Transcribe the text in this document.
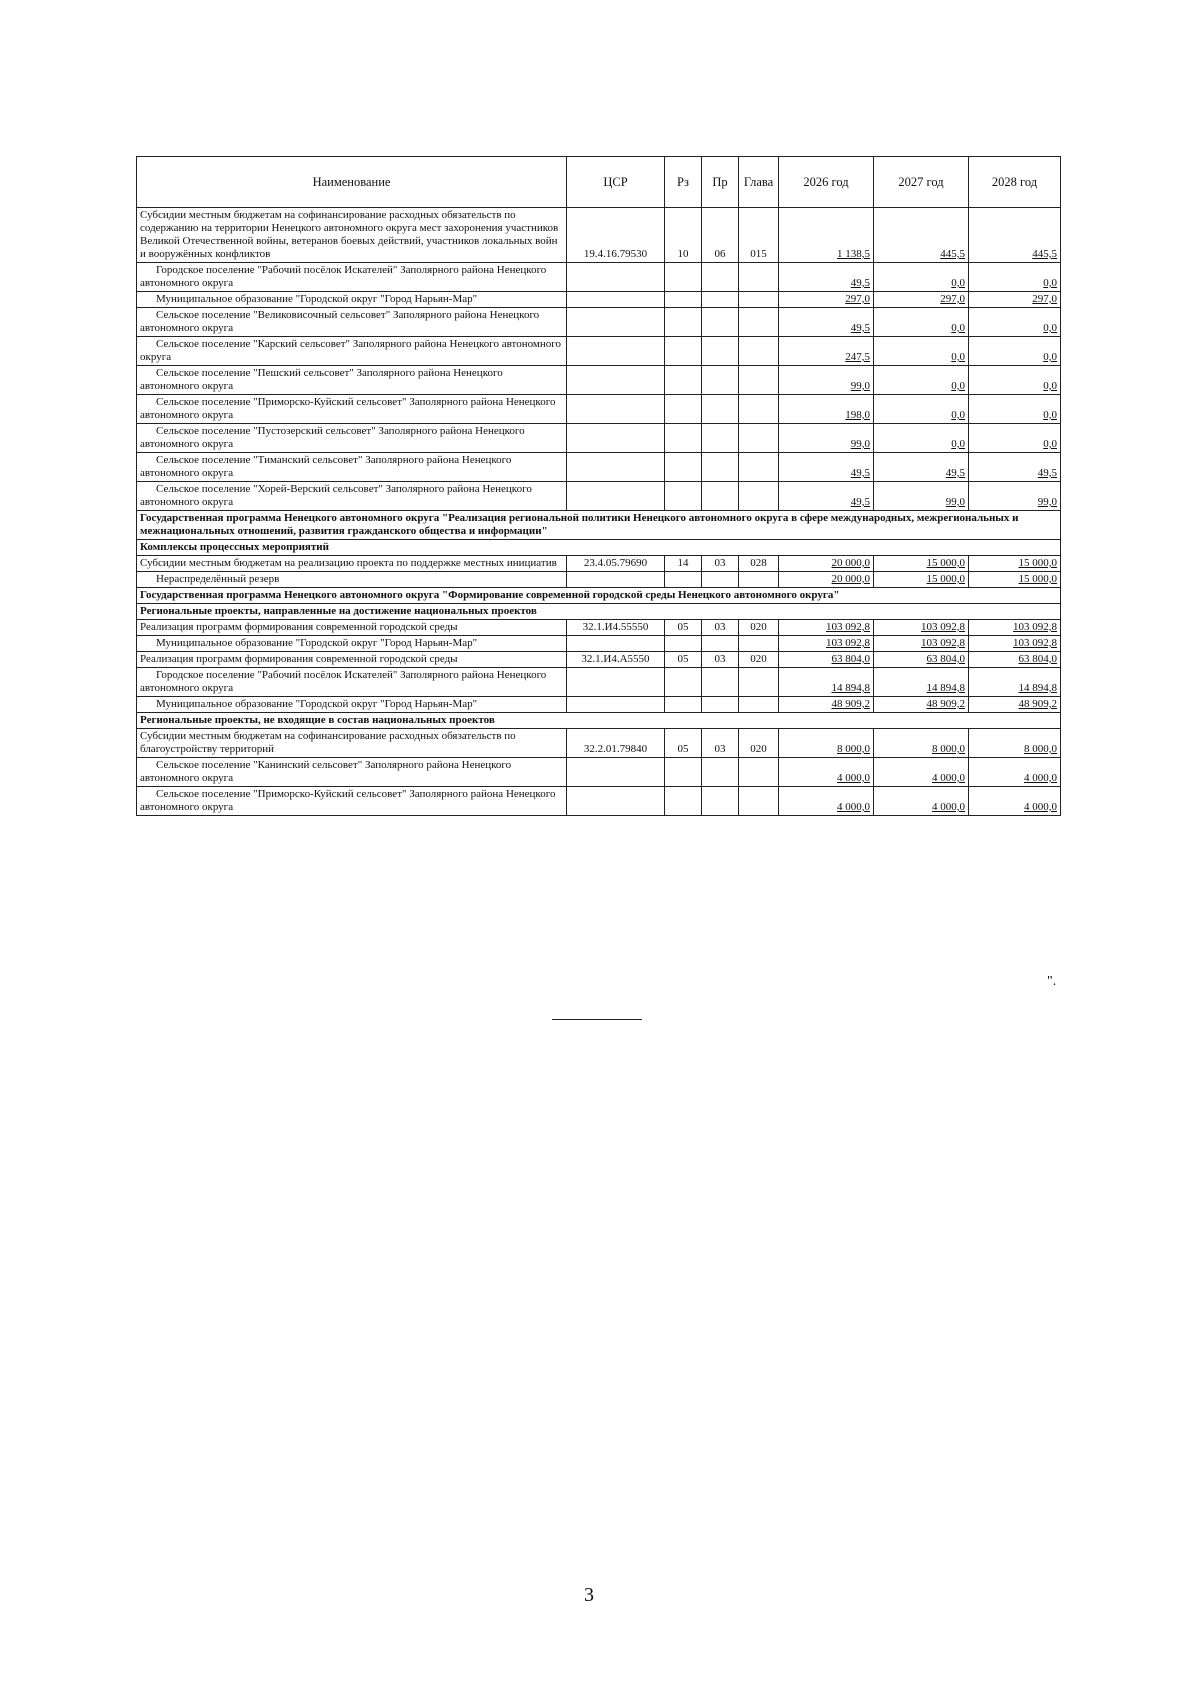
Наименование	ЦСР	Рз	Пр	Глава	2026 год	2027 год	2028 год
Субсидии местным бюджетам на софинансирование расходных обязательств по содержанию на территории Ненецкого автономного округа мест захоронения участников Великой Отечественной войны, ветеранов боевых действий, участников локальных войн и вооружённых конфликтов	19.4.16.79530	10	06	015	1 138,5	445,5	445,5
Городское поселение "Рабочий посёлок Искателей" Заполярного района Ненецкого автономного округа					49,5	0,0	0,0
Муниципальное образование "Городской округ "Город Нарьян-Мар"					297,0	297,0	297,0
Сельское поселение "Великовисочный сельсовет" Заполярного района Ненецкого автономного округа					49,5	0,0	0,0
Сельское поселение "Карский сельсовет" Заполярного района Ненецкого автономного округа					247,5	0,0	0,0
Сельское поселение "Пешский сельсовет" Заполярного района Ненецкого автономного округа					99,0	0,0	0,0
Сельское поселение "Приморско-Куйский сельсовет" Заполярного района Ненецкого автономного округа					198,0	0,0	0,0
Сельское поселение "Пустозерский сельсовет" Заполярного района Ненецкого автономного округа					99,0	0,0	0,0
Сельское поселение "Тиманский сельсовет" Заполярного района Ненецкого автономного округа					49,5	49,5	49,5
Сельское поселение "Хорей-Верский сельсовет" Заполярного района Ненецкого автономного округа					49,5	99,0	99,0
Государственная программа Ненецкого автономного округа "Реализация региональной политики Ненецкого автономного округа в сфере международных, межрегиональных и межнациональных отношений, развития гражданского общества и информации"							
Комплексы процессных мероприятий							
Субсидии местным бюджетам на реализацию проекта по поддержке местных инициатив	23.4.05.79690	14	03	028	20 000,0	15 000,0	15 000,0
Нераспределённый резерв					20 000,0	15 000,0	15 000,0
Государственная программа Ненецкого автономного округа "Формирование современной городской среды Ненецкого автономного округа"							
Региональные проекты, направленные на достижение национальных проектов							
Реализация программ формирования современной городской среды	32.1.И4.55550	05	03	020	103 092,8	103 092,8	103 092,8
Муниципальное образование "Городской округ "Город Нарьян-Мар"					103 092,8	103 092,8	103 092,8
Реализация программ формирования современной городской среды	32.1.И4.А5550	05	03	020	63 804,0	63 804,0	63 804,0
Городское поселение "Рабочий посёлок Искателей" Заполярного района Ненецкого автономного округа					14 894,8	14 894,8	14 894,8
Муниципальное образование "Городской округ "Город Нарьян-Мар"					48 909,2	48 909,2	48 909,2
Региональные проекты, не входящие в состав национальных проектов							
Субсидии местным бюджетам на софинансирование расходных обязательств по благоустройству территорий	32.2.01.79840	05	03	020	8 000,0	8 000,0	8 000,0
Сельское поселение "Канинский сельсовет" Заполярного района Ненецкого автономного округа					4 000,0	4 000,0	4 000,0
Сельское поселение "Приморско-Куйский сельсовет" Заполярного района Ненецкого автономного округа					4 000,0	4 000,0	4 000,0
".
3
